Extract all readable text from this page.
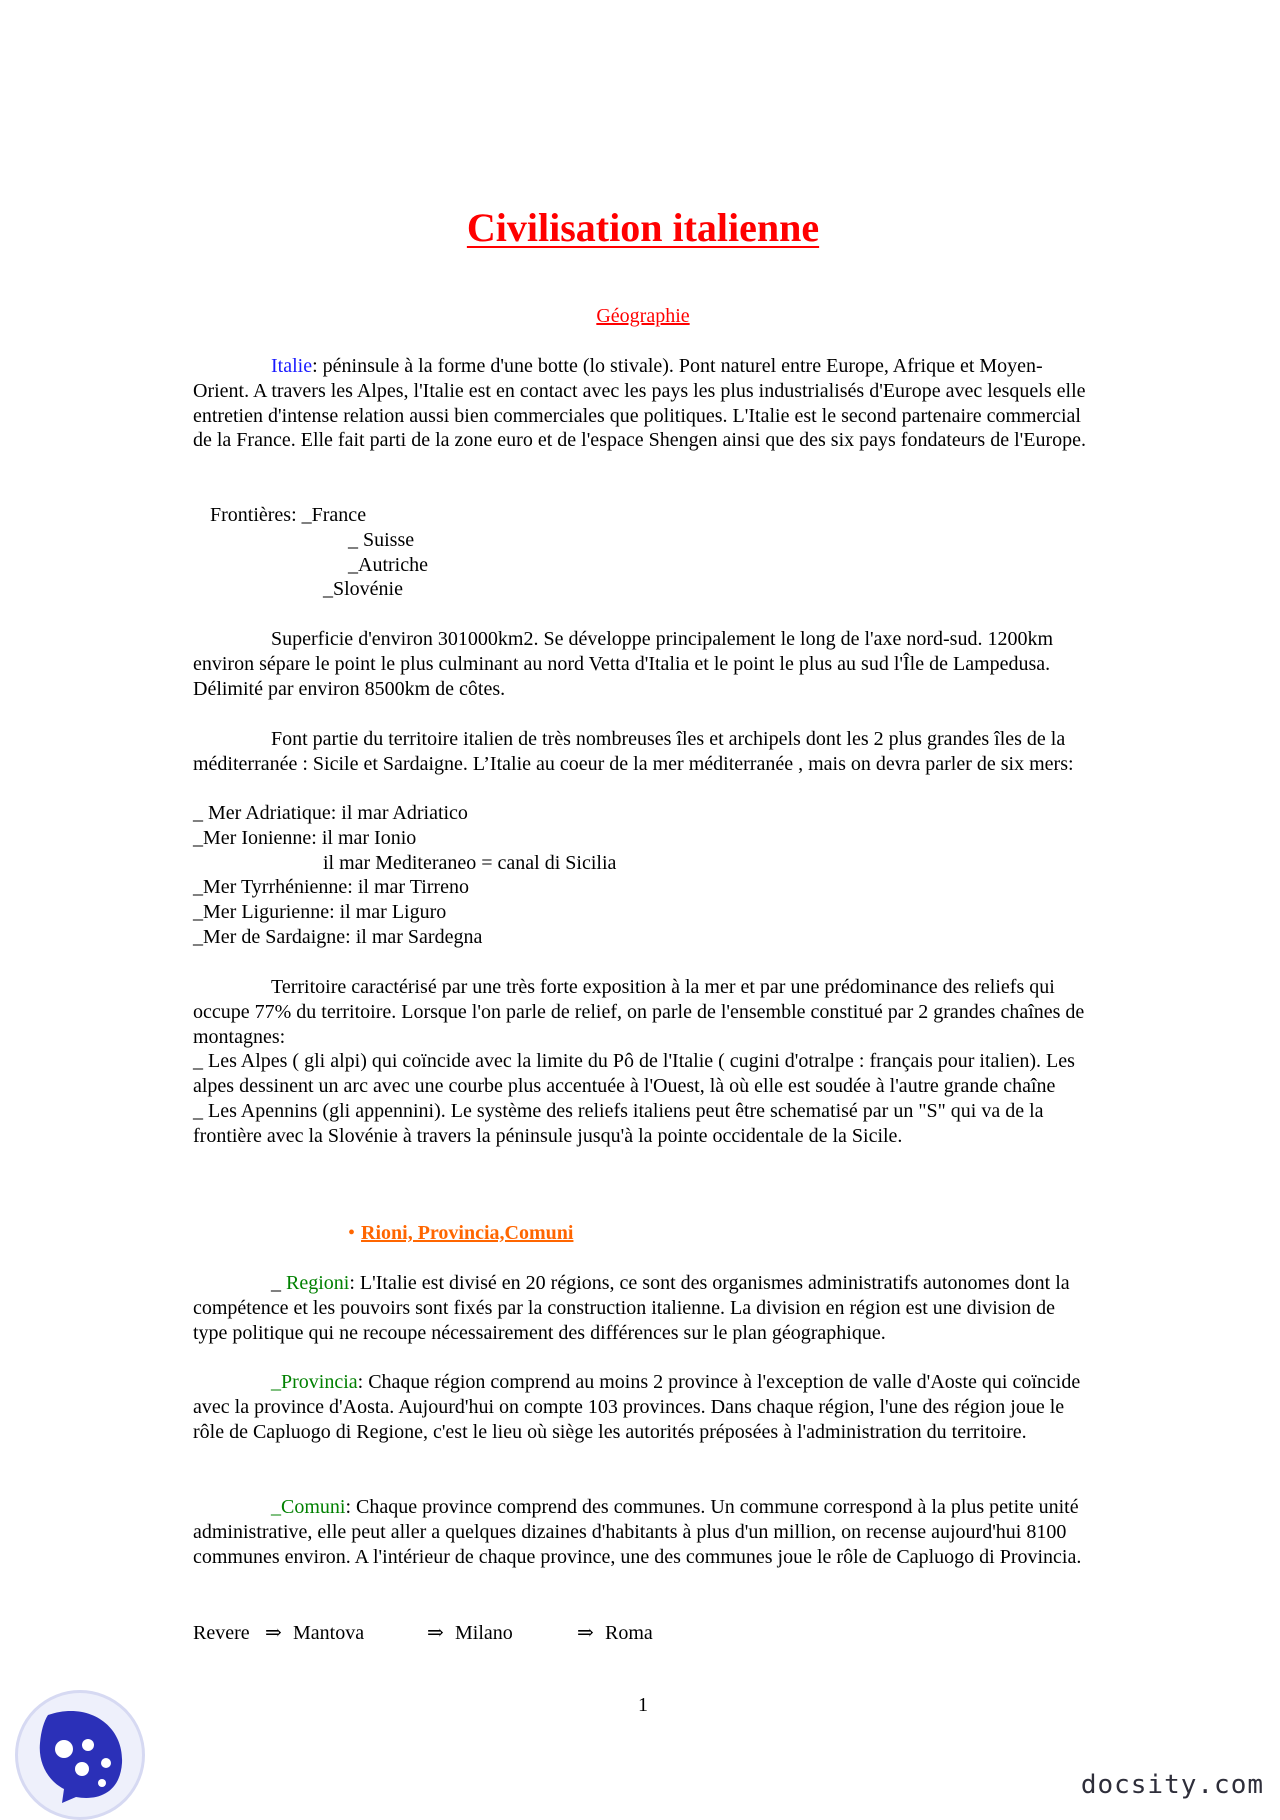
Civilisation italienne
Géographie

Italie: péninsule à la forme d'une botte (lo stivale). Pont naturel entre Europe, Afrique et Moyen-Orient. A travers les Alpes, l'Italie est en contact avec les pays les plus industrialisés d'Europe avec lesquels elle entretien d'intense relation aussi bien commerciales que politiques. L'Italie est le second partenaire commercial de la France. Elle fait parti de la zone euro et de l'espace Shengen ainsi que des six pays fondateurs de l'Europe.

Frontières: _France
_ Suisse
_Autriche
_Slovénie

Superficie d'environ 301000km2. Se développe principalement le long de l'axe nord-sud. 1200km environ sépare le point le plus culminant au nord Vetta d'Italia et le point le plus au sud l'Île de Lampedusa. Délimité par environ 8500km de côtes.

Font partie du territoire italien de très nombreuses îles et archipels dont les 2 plus grandes îles de la méditerranée : Sicile et Sardaigne. L’Italie au coeur de la mer méditerranée , mais on devra parler de six mers:

_ Mer Adriatique: il mar Adriatico
_Mer Ionienne: il mar Ionio
il mar Mediteraneo = canal di Sicilia
_Mer Tyrrhénienne: il mar Tirreno
_Mer Ligurienne: il mar Liguro
_Mer de Sardaigne: il mar Sardegna
Territoire caractérisé par une très forte exposition à la mer et par une prédominance des reliefs qui occupe 77% du territoire. Lorsque l'on parle de relief, on parle de l'ensemble constitué par 2 grandes chaînes de montagnes:
_ Les Alpes ( gli alpi) qui coïncide avec la limite du Pô de l'Italie ( cugini d'otralpe : français pour italien). Les alpes dessinent un arc avec une courbe plus accentuée à l'Ouest, là où elle est soudée à l'autre grande chaîne
_ Les Apennins (gli appennini). Le système des reliefs italiens peut être schematisé par un "S" qui va de la frontière avec la Slovénie à travers la péninsule jusqu'à la pointe occidentale de la Sicile.
• Rioni, Provincia,Comuni

_ Regioni: L'Italie est divisé en 20 régions, ce sont des organismes administratifs autonomes dont la compétence et les pouvoirs sont fixés par la construction italienne. La division en région est une division de type politique qui ne recoupe nécessairement des différences sur le plan géographique.

_Provincia: Chaque région comprend au moins 2 province à l'exception de valle d'Aoste qui coïncide avec la province d'Aosta. Aujourd'hui on compte 103 provinces. Dans chaque région, l'une des région joue le rôle de Capluogo di Regione, c'est le lieu où siège les autorités préposées à l'administration du territoire.

_Comuni: Chaque province comprend des communes. Un commune correspond à la plus petite unité administrative, elle peut aller a quelques dizaines d'habitants à plus d'un million, on recense aujourd'hui 8100 communes environ. A l'intérieur de chaque province, une des communes joue le rôle de Capluogo di Provincia.

Revere ⇒ Mantova	⇒ Milano	⇒ Roma
1
docsity.com
